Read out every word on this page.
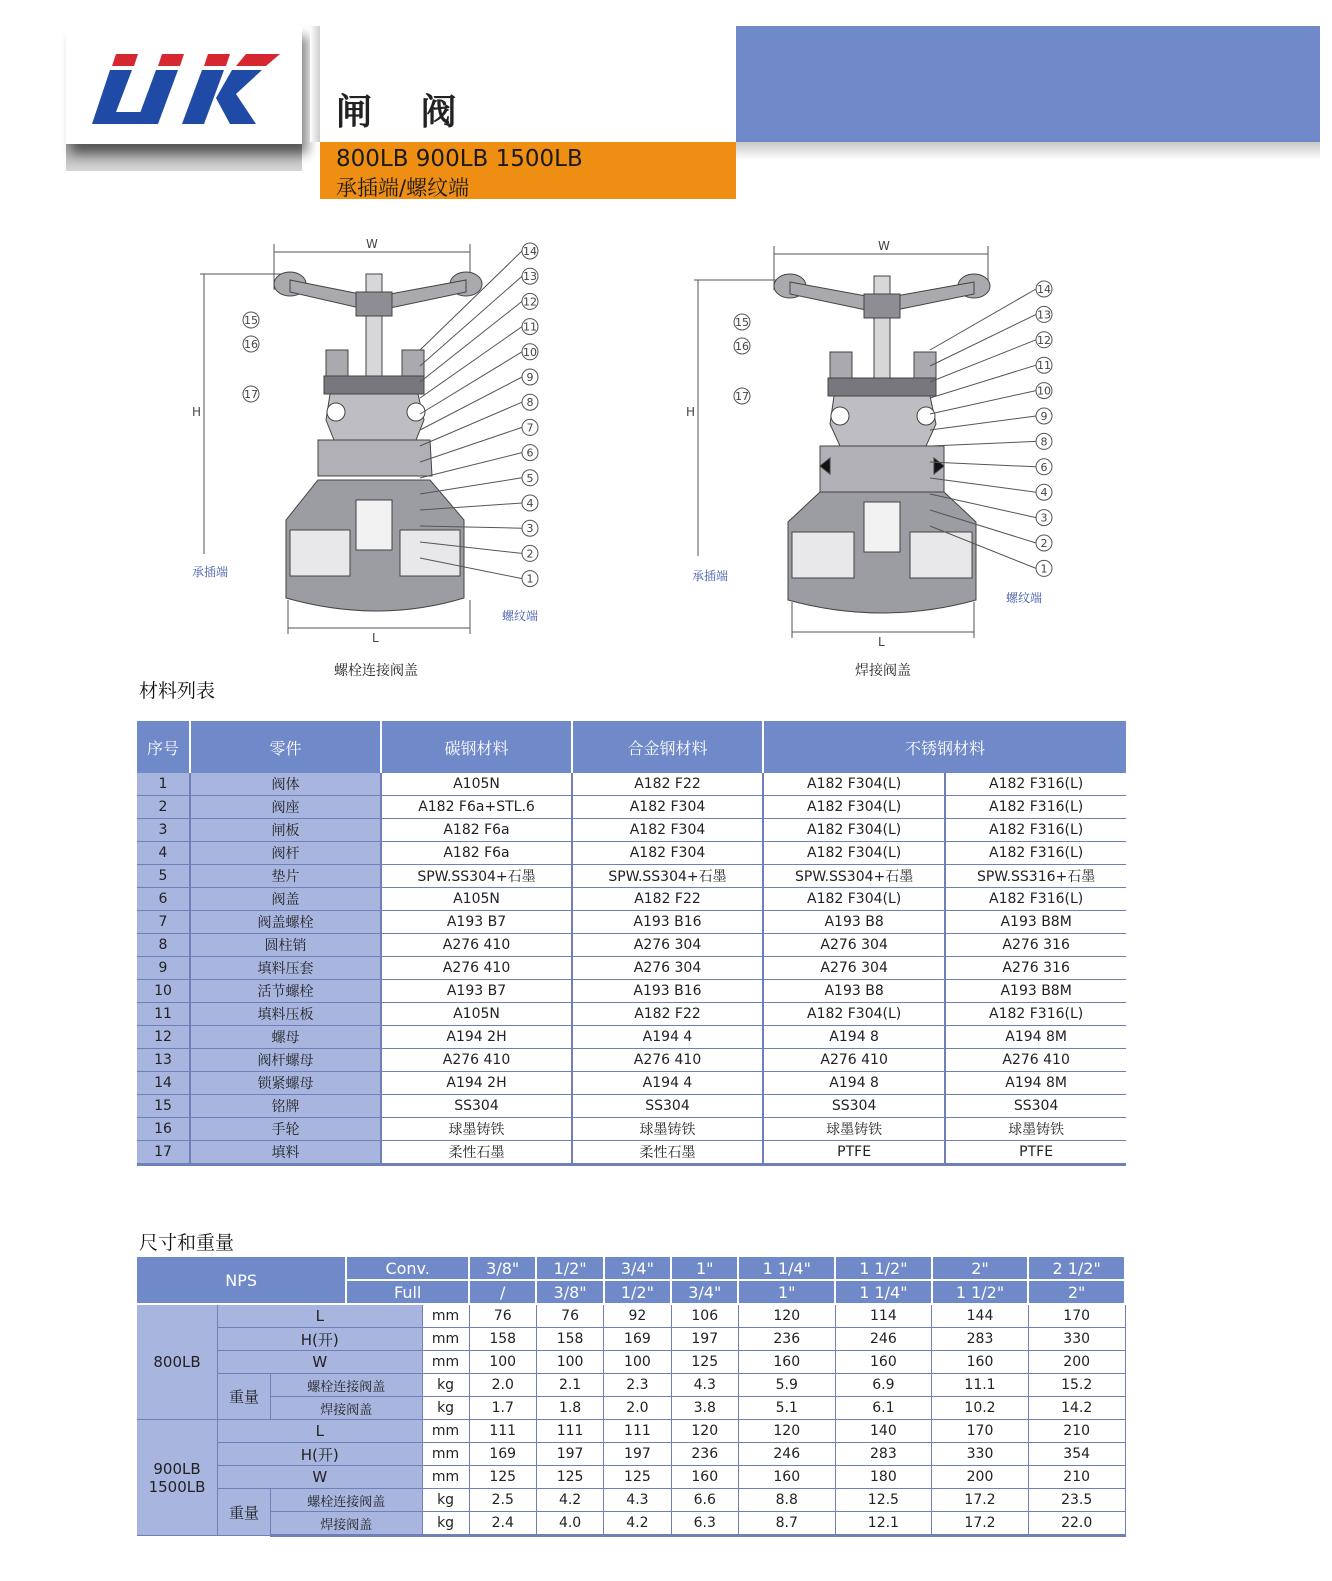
闸 阀
800LB 900LB 1500LB
承插端/螺纹端
W
H
L
承插端
螺纹端
14
13
12
11
10
9
8
7
6
5
4
3
2
1
15
16
17
螺栓连接阀盖
W
H
L
承插端
螺纹端
14
13
12
11
10
9
8
6
4
3
2
1
15
16
17
焊接阀盖
材料列表
序号	零件	碳钢材料	合金钢材料	不锈钢材料	
1	阀体	A105N	A182 F22	A182 F304(L)	A182 F316(L)
2	阀座	A182 F6a+STL.6	A182 F304	A182 F304(L)	A182 F316(L)
3	闸板	A182 F6a	A182 F304	A182 F304(L)	A182 F316(L)
4	阀杆	A182 F6a	A182 F304	A182 F304(L)	A182 F316(L)
5	垫片	SPW.SS304+石墨	SPW.SS304+石墨	SPW.SS304+石墨	SPW.SS316+石墨
6	阀盖	A105N	A182 F22	A182 F304(L)	A182 F316(L)
7	阀盖螺栓	A193 B7	A193 B16	A193 B8	A193 B8M
8	圆柱销	A276 410	A276 304	A276 304	A276 316
9	填料压套	A276 410	A276 304	A276 304	A276 316
10	活节螺栓	A193 B7	A193 B16	A193 B8	A193 B8M
11	填料压板	A105N	A182 F22	A182 F304(L)	A182 F316(L)
12	螺母	A194 2H	A194 4	A194 8	A194 8M
13	阀杆螺母	A276 410	A276 410	A276 410	A276 410
14	锁紧螺母	A194 2H	A194 4	A194 8	A194 8M
15	铭牌	SS304	SS304	SS304	SS304
16	手轮	球墨铸铁	球墨铸铁	球墨铸铁	球墨铸铁
17	填料	柔性石墨	柔性石墨	PTFE	PTFE
尺寸和重量
NPS			Conv.		3/8"	1/2"	3/4"	1"	1 1/4"	1 1/2"	2"	2 1/2"
			Full		/	3/8"	1/2"	3/4"	1"	1 1/4"	1 1/2"	2"

800LB	L			mm	76	76	92	106	120	114	144	170
	H(开)			mm	158	158	169	197	236	246	283	330
	W			mm	100	100	100	125	160	160	160	200
	重量	螺栓连接阀盖		kg	2.0	2.1	2.3	4.3	5.9	6.9	11.1	15.2
		焊接阀盖		kg	1.7	1.8	2.0	3.8	5.1	6.1	10.2	14.2

900LB
1500LB	L			mm	111	111	111	120	120	140	170	210
	H(开)			mm	169	197	197	236	246	283	330	354
	W			mm	125	125	125	160	160	180	200	210
	重量	螺栓连接阀盖		kg	2.5	4.2	4.3	6.6	8.8	12.5	17.2	23.5
		焊接阀盖		kg	2.4	4.0	4.2	6.3	8.7	12.1	17.2	22.0
